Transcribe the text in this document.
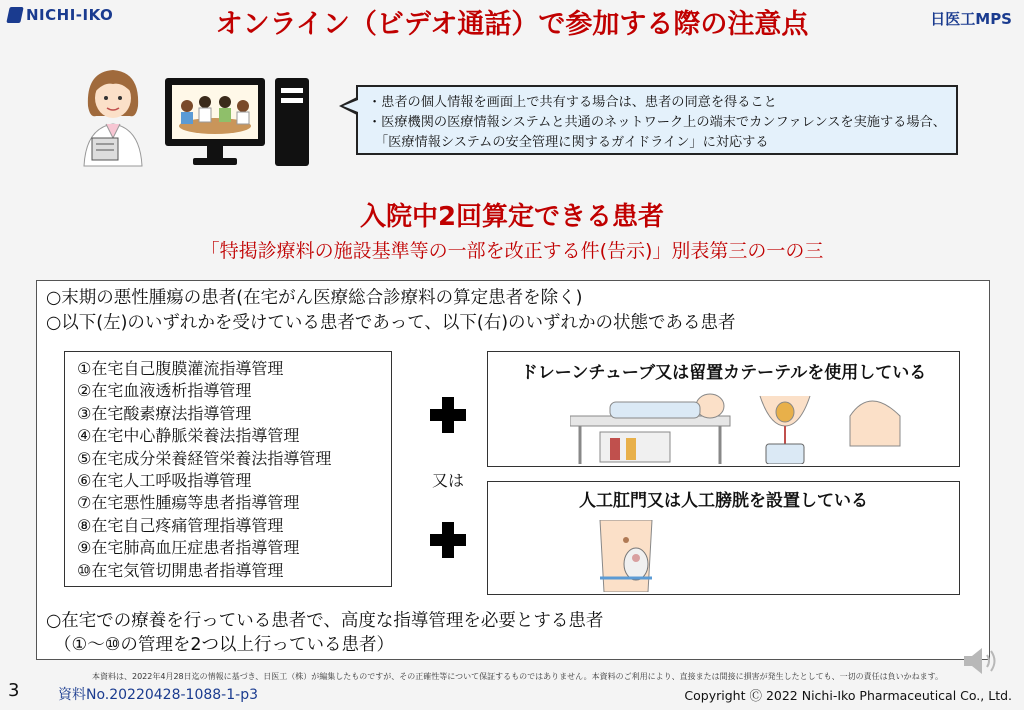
NICHI-IKO	オンライン（ビデオ通話）で参加する際の注意点	日医工MPS
・患者の個人情報を画面上で共有する場合は、患者の同意を得ること
・医療機関の医療情報システムと共通のネットワーク上の端末でカンファレンスを実施する場合、
「医療情報システムの安全管理に関するガイドライン」に対応する
入院中2回算定できる患者
「特掲診療料の施設基準等の一部を改正する件(告示)」別表第三の一の三
○末期の悪性腫瘍の患者(在宅がん医療総合診療料の算定患者を除く)
○以下(左)のいずれかを受けている患者であって、以下(右)のいずれかの状態である患者
①在宅自己腹膜灌流指導管理
②在宅血液透析指導管理
③在宅酸素療法指導管理
④在宅中心静脈栄養法指導管理
⑤在宅成分栄養経管栄養法指導管理
⑥在宅人工呼吸指導管理
⑦在宅悪性腫瘍等患者指導管理
⑧在宅自己疼痛管理指導管理
⑨在宅肺高血圧症患者指導管理
⑩在宅気管切開患者指導管理
又は
ドレーンチューブ又は留置カテーテルを使用している
人工肛門又は人工膀胱を設置している
○在宅での療養を行っている患者で、高度な指導管理を必要とする患者
（①～⑩の管理を2つ以上行っている患者）
本資料は、2022年4月28日迄の情報に基づき、日医工（株）が編集したものですが、その正確性等について保証するものではありません。本資料のご利用により、直接または間接に損害が発生したとしても、一切の責任は負いかねます。
3	資料No.20220428-1088-1-p3	Copyright Ⓒ 2022 Nichi-Iko Pharmaceutical Co., Ltd.
